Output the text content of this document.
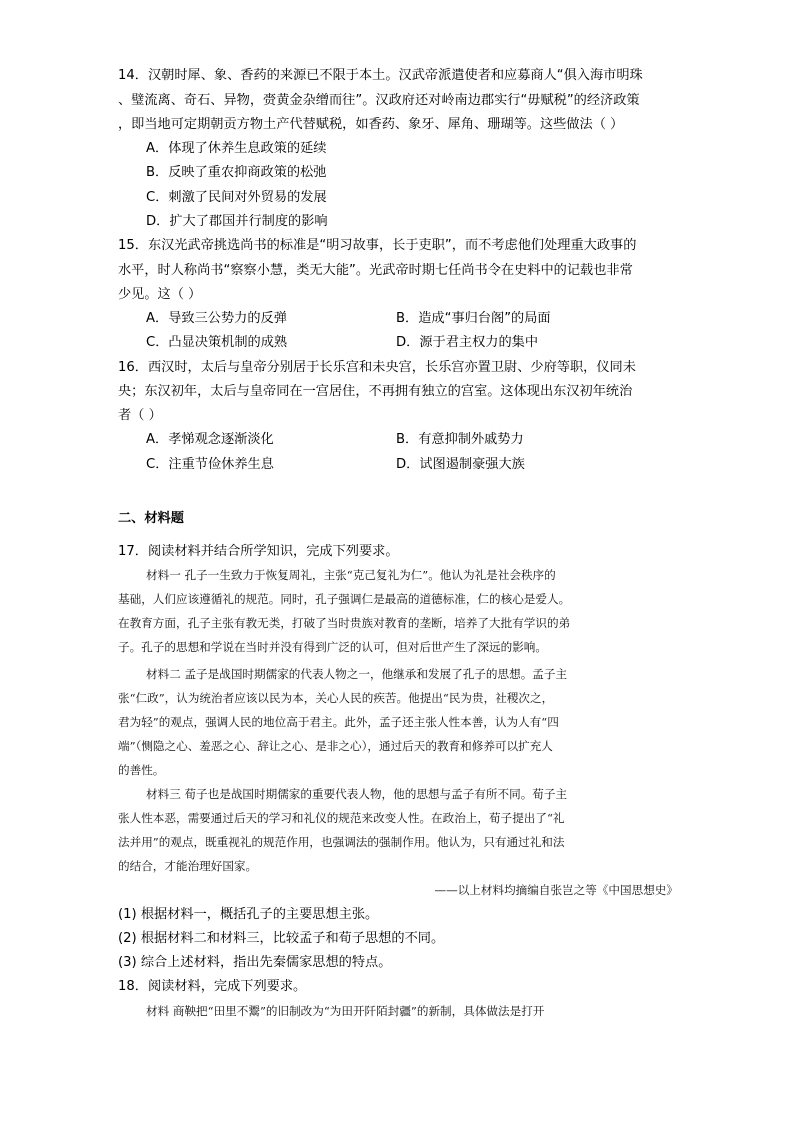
14．汉朝时犀、象、香药的来源已不限于本土。汉武帝派遣使者和应募商人“俱入海市明珠
、璧流离、奇石、异物，赍黄金杂缯而往”。汉政府还对岭南边郡实行“毋赋税”的经济政策
，即当地可定期朝贡方物土产代替赋税，如香药、象牙、犀角、珊瑚等。这些做法（ ）
A．体现了休养生息政策的延续
B．反映了重农抑商政策的松弛
C．刺激了民间对外贸易的发展
D．扩大了郡国并行制度的影响
15．东汉光武帝挑选尚书的标准是“明习故事，长于吏职”，而不考虑他们处理重大政事的
水平，时人称尚书“察察小慧，类无大能”。光武帝时期七任尚书令在史料中的记载也非常
少见。这（ ）
A．导致三公势力的反弹	B．造成“事归台阁”的局面
C．凸显决策机制的成熟	D．源于君主权力的集中
16．西汉时，太后与皇帝分别居于长乐宫和未央宫，长乐宫亦置卫尉、少府等职，仪同未
央；东汉初年，太后与皇帝同在一宫居住，不再拥有独立的宫室。这体现出东汉初年统治
者（ ）
A．孝悌观念逐渐淡化	B．有意抑制外戚势力
C．注重节俭休养生息	D．试图遏制豪强大族
二、材料题
17．阅读材料并结合所学知识，完成下列要求。
材料一 孔子一生致力于恢复周礼，主张“克己复礼为仁”。他认为礼是社会秩序的
基础，人们应该遵循礼的规范。同时，孔子强调仁是最高的道德标准，仁的核心是爱人。
在教育方面，孔子主张有教无类，打破了当时贵族对教育的垄断，培养了大批有学识的弟
子。孔子的思想和学说在当时并没有得到广泛的认可，但对后世产生了深远的影响。
材料二 孟子是战国时期儒家的代表人物之一，他继承和发展了孔子的思想。孟子主
张“仁政”，认为统治者应该以民为本，关心人民的疾苦。他提出“民为贵，社稷次之，
君为轻”的观点，强调人民的地位高于君主。此外，孟子还主张人性本善，认为人有“四
端”（恻隐之心、羞恶之心、辞让之心、是非之心），通过后天的教育和修养可以扩充人
的善性。
材料三 荀子也是战国时期儒家的重要代表人物，他的思想与孟子有所不同。荀子主
张人性本恶，需要通过后天的学习和礼仪的规范来改变人性。在政治上，荀子提出了“礼
法并用”的观点，既重视礼的规范作用，也强调法的强制作用。他认为，只有通过礼和法
的结合，才能治理好国家。
——以上材料均摘编自张岂之等《中国思想史》
(1) 根据材料一，概括孔子的主要思想主张。
(2) 根据材料二和材料三，比较孟子和荀子思想的不同。
(3) 综合上述材料，指出先秦儒家思想的特点。
18．阅读材料，完成下列要求。
材料 商鞅把“田里不鬻”的旧制改为“为田开阡陌封疆”的新制，具体做法是打开
